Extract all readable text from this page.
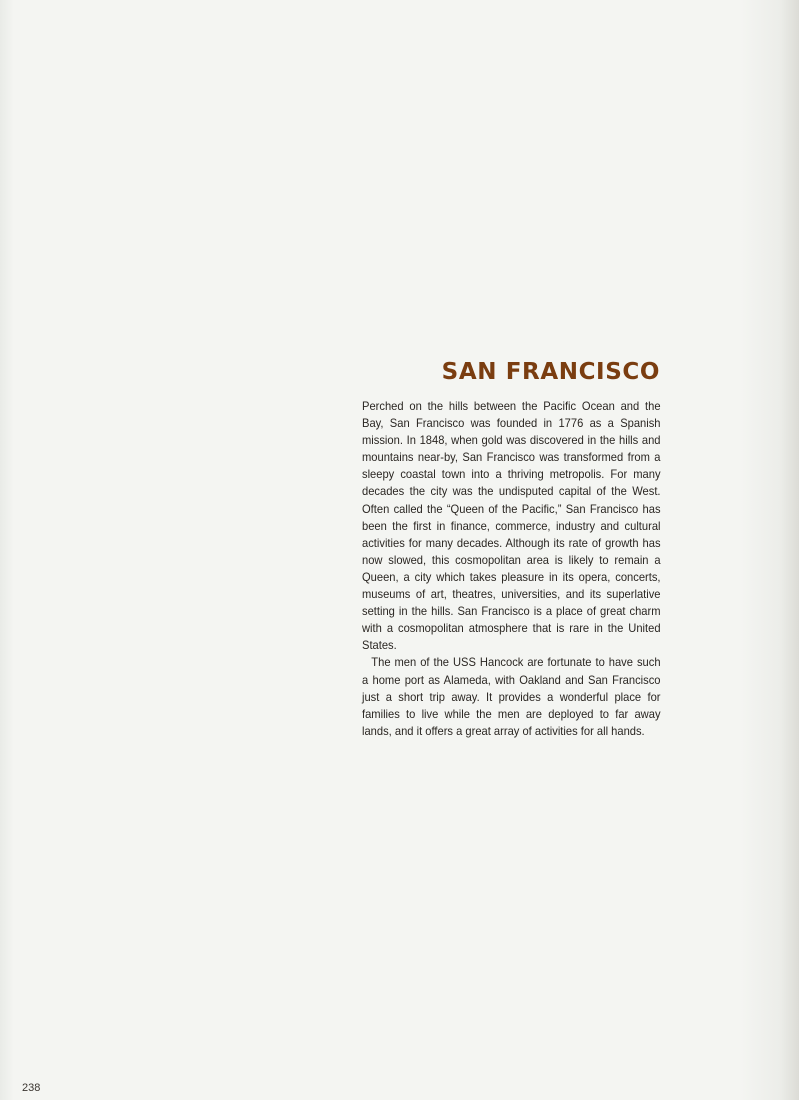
SAN FRANCISCO

Perched on the hills between the Pacific Ocean and the Bay, San Francisco was founded in 1776 as a Spanish mission. In 1848, when gold was discovered in the hills and mountains near-by, San Francisco was transformed from a sleepy coastal town into a thriving metropolis. For many decades the city was the undisputed capital of the West. Often called the “Queen of the Pacific,” San Francisco has been the first in finance, commerce, industry and cultural activities for many decades. Although its rate of growth has now slowed, this cosmopolitan area is likely to remain a Queen, a city which takes pleasure in its opera, concerts, museums of art, theatres, universities, and its superlative setting in the hills. San Francisco is a place of great charm with a cosmopolitan atmosphere that is rare in the United States.

The men of the USS Hancock are fortunate to have such a home port as Alameda, with Oakland and San Francisco just a short trip away. It provides a wonderful place for families to live while the men are deployed to far away lands, and it offers a great array of activities for all hands.

238
